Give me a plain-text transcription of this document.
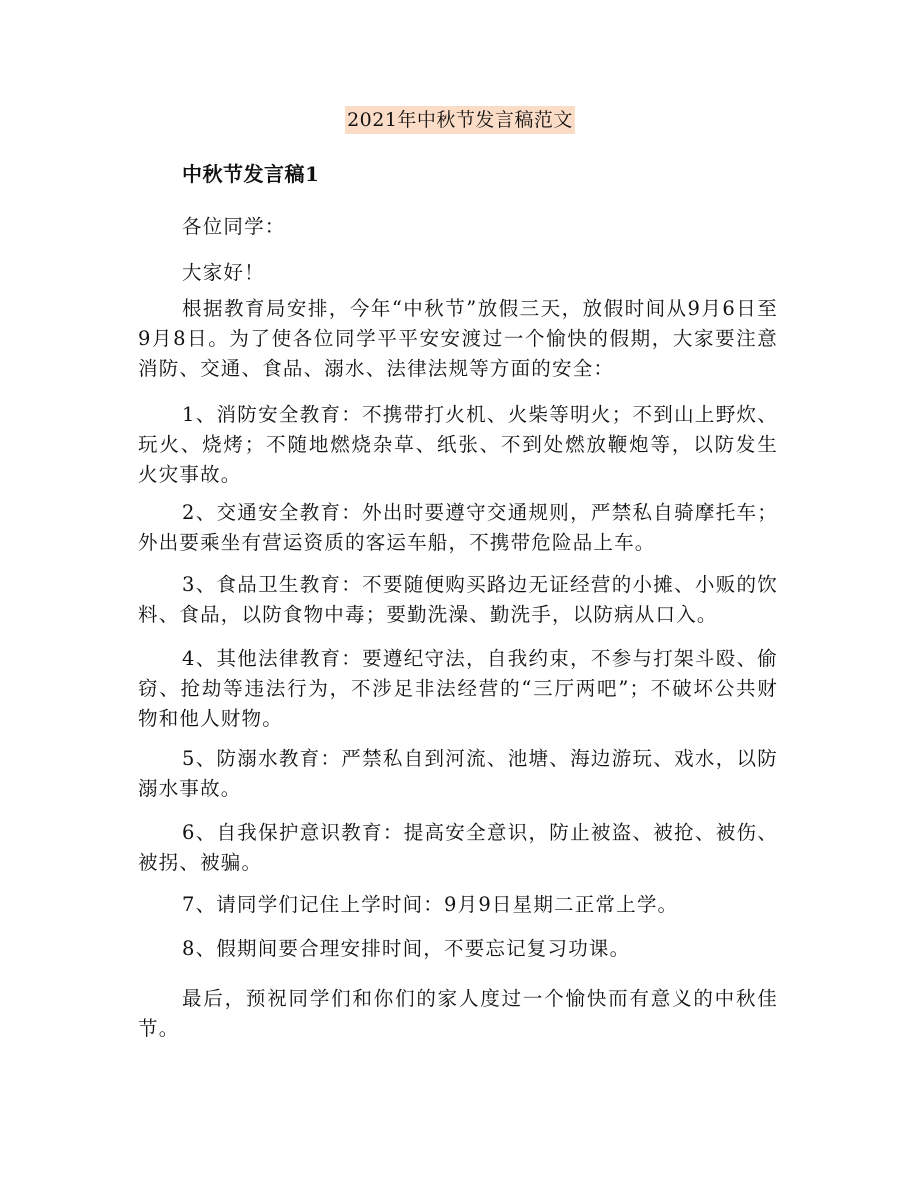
2021年中秋节发言稿范文
中秋节发言稿1

各位同学：

大家好！

根据教育局安排，今年“中秋节”放假三天，放假时间从9月6日至9月8日。为了使各位同学平平安安渡过一个愉快的假期，大家要注意消防、交通、食品、溺水、法律法规等方面的安全：

1、消防安全教育：不携带打火机、火柴等明火；不到山上野炊、玩火、烧烤；不随地燃烧杂草、纸张、不到处燃放鞭炮等，以防发生火灾事故。

2、交通安全教育：外出时要遵守交通规则，严禁私自骑摩托车；外出要乘坐有营运资质的客运车船，不携带危险品上车。

3、食品卫生教育：不要随便购买路边无证经营的小摊、小贩的饮料、食品，以防食物中毒；要勤洗澡、勤洗手，以防病从口入。

4、其他法律教育：要遵纪守法，自我约束，不参与打架斗殴、偷窃、抢劫等违法行为，不涉足非法经营的“三厅两吧”；不破坏公共财物和他人财物。

5、防溺水教育：严禁私自到河流、池塘、海边游玩、戏水，以防溺水事故。

6、自我保护意识教育：提高安全意识，防止被盗、被抢、被伤、被拐、被骗。

7、请同学们记住上学时间：9月9日星期二正常上学。

8、假期间要合理安排时间，不要忘记复习功课。

最后，预祝同学们和你们的家人度过一个愉快而有意义的中秋佳节。
